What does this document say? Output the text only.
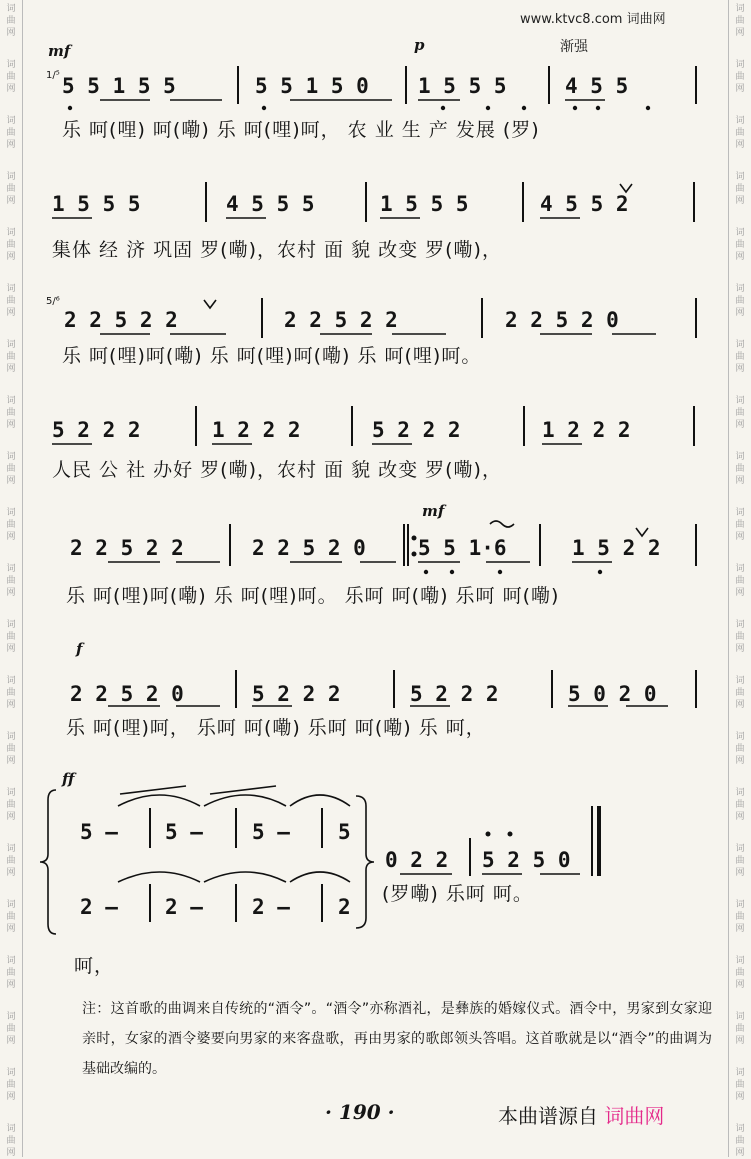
词
曲
网
词
曲
网
词
曲
网
词
曲
网
词
曲
网
词
曲
网
词
曲
网
词
曲
网
词
曲
网
词
曲
网
词
曲
网
词
曲
网
词
曲
网
词
曲
网
词
曲
网
词
曲
网
词
曲
网
词
曲
网
词
曲
网
词
曲
网
词
曲
网
词
曲
网
词
曲
网
词
曲
网
词
曲
网
词
曲
网
词
曲
网
词
曲
网
词
曲
网
词
曲
网
词
曲
网
词
曲
网
词
曲
网
词
曲
网
词
曲
网
词
曲
网
词
曲
网
词
曲
网
词
曲
网
词
曲
网
词
曲
网
词
曲
网
www.ktvc8.com 词曲网
mf	p	渐强
1/⁵ 5 5 1 5 5	5 5 1 5 0 1 5 5 5	4 5 5
乐 呵(哩) 呵(嘞) 乐 呵(哩)呵， 农 业 生 产 发展 (罗)
1 5 5 5	4 5 5 5	1 5 5 5	4 5 5 2
集体 经 济 巩固 罗(嘞)，农村 面 貌 改变 罗(嘞)，
5/⁶
2 2 5 2 2	2 2 5 2 2	2 2 5 2 0
乐 呵(哩)呵(嘞) 乐 呵(哩)呵(嘞) 乐 呵(哩)呵。
5 2 2 2	1 2 2 2	5 2 2 2	1 2 2 2
人民 公 社 办好 罗(嘞)，农村 面 貌 改变 罗(嘞)，
mf
2 2 5 2 2	2 2 5 2 0 5 5 1·6	1 5 2 2
乐 呵(哩)呵(嘞) 乐 呵(哩)呵。 乐呵 呵(嘞) 乐呵 呵(嘞)
f
2 2 5 2 0	5 2 2 2	5 2 2 2	5 0 2 0
乐 呵(哩)呵， 乐呵 呵(嘞) 乐呵 呵(嘞) 乐 呵，
ff
5 — 5 — 5 — 5
2 — 2 — 2 — 2
0 2 2 5 2 5 0
(罗嘞) 乐呵 呵。
呵，
注：这首歌的曲调来自传统的“酒令”。“酒令”亦称酒礼，是彝族的婚嫁仪式。酒令中，男家到女家迎亲时，女家的酒令婆要向男家的来客盘歌，再由男家的歌郎领头答唱。这首歌就是以“酒令”的曲调为基础改编的。
· 190 ·	本曲谱源自 词曲网
